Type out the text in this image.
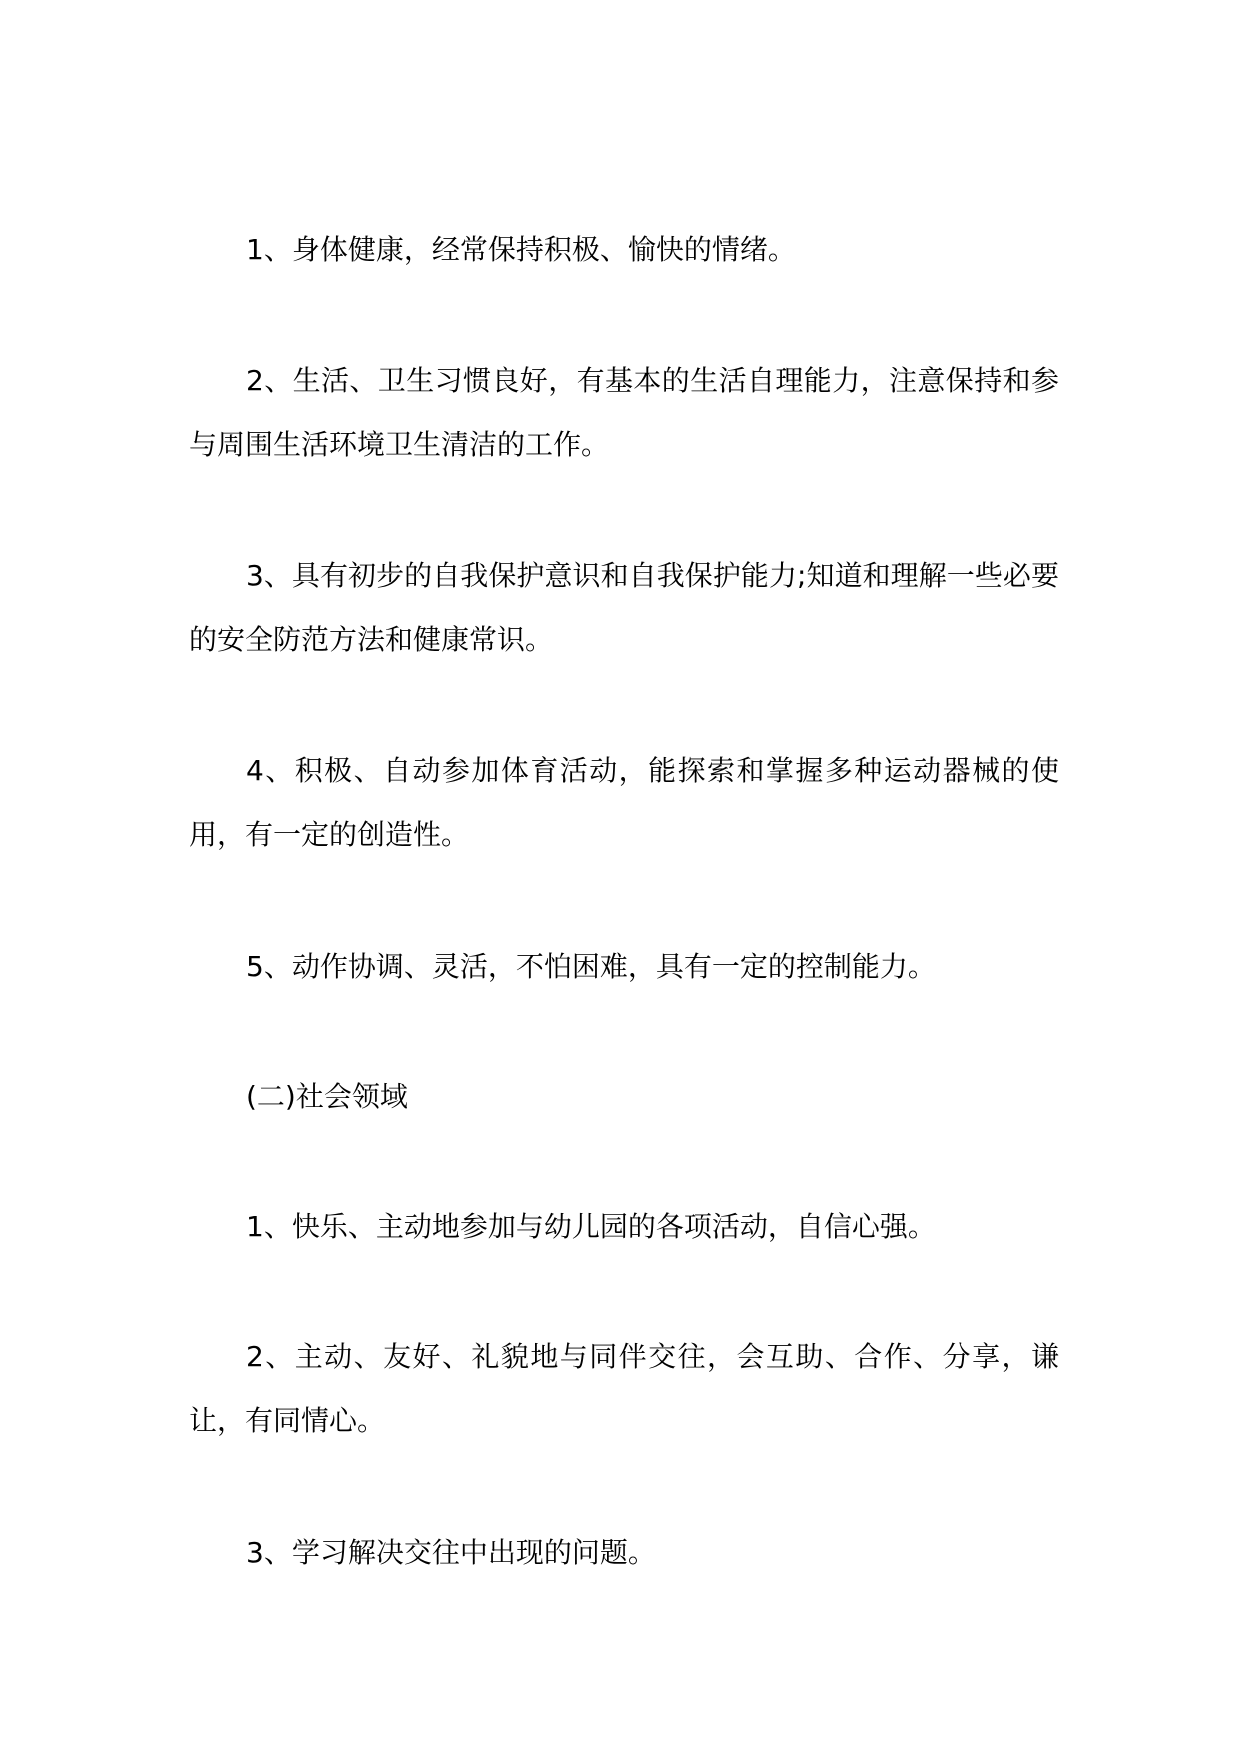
1、身体健康，经常保持积极、愉快的情绪。

2、生活、卫生习惯良好，有基本的生活自理能力，注意保持和参与周围生活环境卫生清洁的工作。

3、具有初步的自我保护意识和自我保护能力;知道和理解一些必要的安全防范方法和健康常识。

4、积极、自动参加体育活动，能探索和掌握多种运动器械的使用，有一定的创造性。

5、动作协调、灵活，不怕困难，具有一定的控制能力。

(二)社会领域

1、快乐、主动地参加与幼儿园的各项活动，自信心强。

2、主动、友好、礼貌地与同伴交往，会互助、合作、分享，谦让，有同情心。

3、学习解决交往中出现的问题。
